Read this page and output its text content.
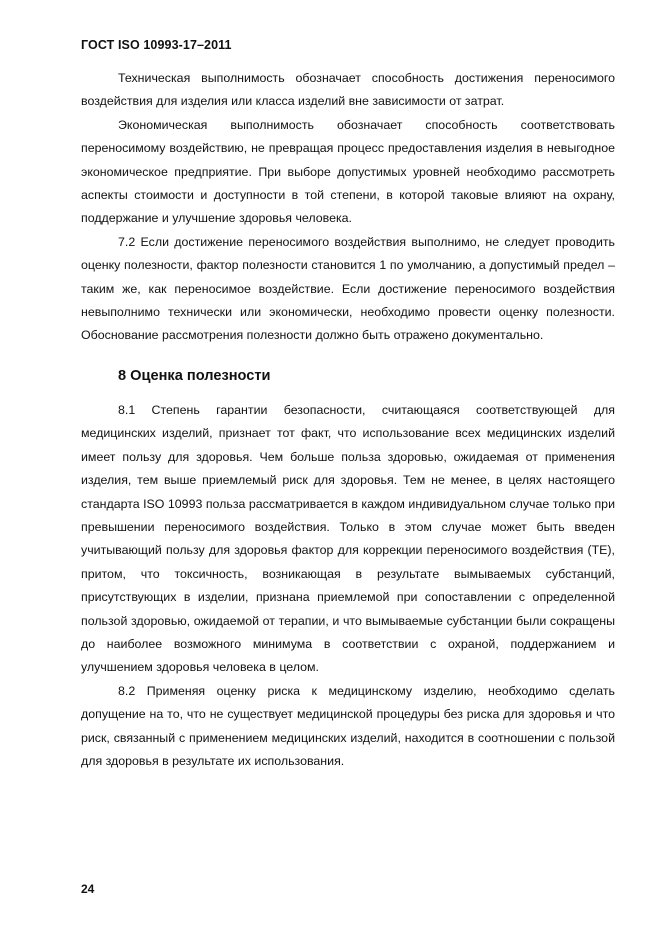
ГОСТ ISO 10993-17–2011

Техническая выполнимость обозначает способность достижения переносимого воздействия для изделия или класса изделий вне зависимости от затрат.

Экономическая выполнимость обозначает способность соответствовать переносимому воздействию, не превращая процесс предоставления изделия в невыгодное экономическое предприятие. При выборе допустимых уровней необходимо рассмотреть аспекты стоимости и доступности в той степени, в которой таковые влияют на охрану, поддержание и улучшение здоровья человека.

7.2 Если достижение переносимого воздействия выполнимо, не следует проводить оценку полезности, фактор полезности становится 1 по умолчанию, а допустимый предел – таким же, как переносимое воздействие. Если достижение переносимого воздействия невыполнимо технически или экономически, необходимо провести оценку полезности. Обоснование рассмотрения полезности должно быть отражено документально.

8 Оценка полезности

8.1 Степень гарантии безопасности, считающаяся соответствующей для медицинских изделий, признает тот факт, что использование всех медицинских изделий имеет пользу для здоровья. Чем больше польза здоровью, ожидаемая от применения изделия, тем выше приемлемый риск для здоровья. Тем не менее, в целях настоящего стандарта ISO 10993 польза рассматривается в каждом индивидуальном случае только при превышении переносимого воздействия. Только в этом случае может быть введен учитывающий пользу для здоровья фактор для коррекции переносимого воздействия (ТЕ), притом, что токсичность, возникающая в результате вымываемых субстанций, присутствующих в изделии, признана приемлемой при сопоставлении с определенной пользой здоровью, ожидаемой от терапии, и что вымываемые субстанции были сокращены до наиболее возможного минимума в соответствии с охраной, поддержанием и улучшением здоровья человека в целом.

8.2 Применяя оценку риска к медицинскому изделию, необходимо сделать допущение на то, что не существует медицинской процедуры без риска для здоровья и что риск, связанный с применением медицинских изделий, находится в соотношении с пользой для здоровья в результате их использования.

24
